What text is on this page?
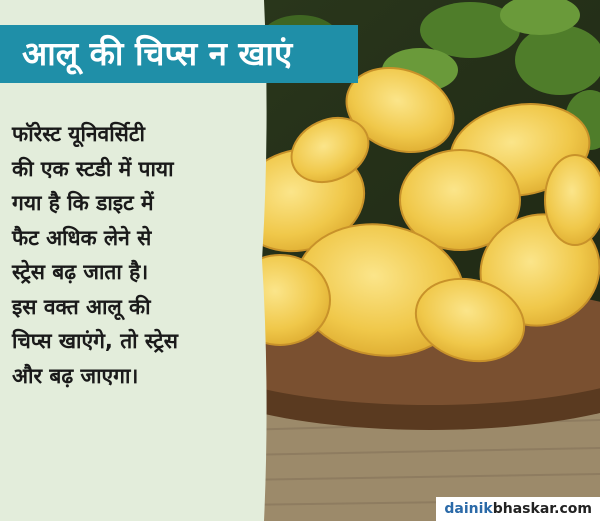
आलू की चिप्स न खाएं
फॉरेस्ट यूनिवर्सिटी
की एक स्टडी में पाया
गया है कि डाइट में
फैट अधिक लेने से
स्ट्रेस बढ़ जाता है।
इस वक्त आलू की
चिप्स खाएंगे, तो स्ट्रेस
और बढ़ जाएगा।
dainikbhaskar.com
